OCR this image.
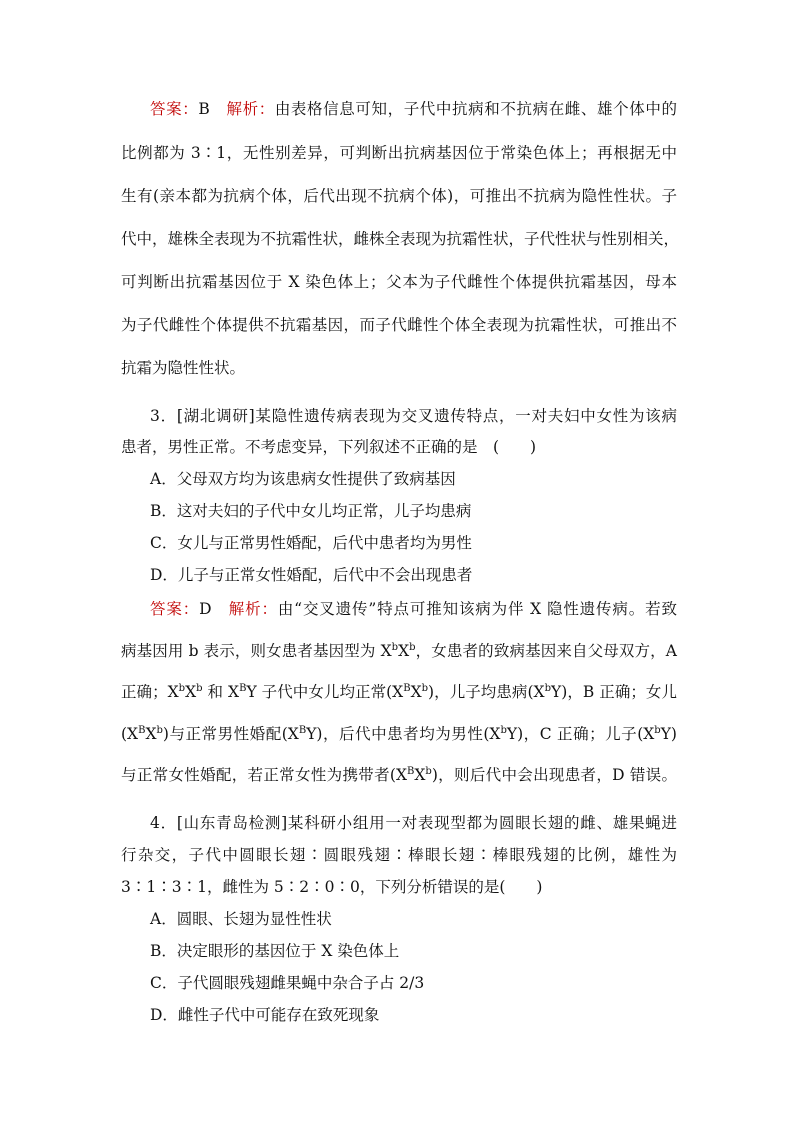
答案：B　 解析：由表格信息可知，子代中抗病和不抗病在雌、雄个体中的
比例都为 3∶1，无性别差异，可判断出抗病基因位于常染色体上；再根据无中
生有(亲本都为抗病个体，后代出现不抗病个体)，可推出不抗病为隐性性状。子
代中，雄株全表现为不抗霜性状，雌株全表现为抗霜性状，子代性状与性别相关，
可判断出抗霜基因位于 X 染色体上；父本为子代雌性个体提供抗霜基因，母本
为子代雌性个体提供不抗霜基因，而子代雌性个体全表现为抗霜性状，可推出不
抗霜为隐性性状。
3．[湖北调研]某隐性遗传病表现为交叉遗传特点，一对夫妇中女性为该病
患者，男性正常。不考虑变异，下列叙述不正确的是　(　　)
A．父母双方均为该患病女性提供了致病基因
B．这对夫妇的子代中女儿均正常，儿子均患病
C．女儿与正常男性婚配，后代中患者均为男性
D．儿子与正常女性婚配，后代中不会出现患者
答案：D　 解析：由“交叉遗传”特点可推知该病为伴 X 隐性遗传病。若致
病基因用 b 表示，则女患者基因型为 $X^bX^b$，女患者的致病基因来自父母双方，A
正确；$X^bX^b$ 和 $X^BY$ 子代中女儿均正常$(X^BX^b)$，儿子均患病$(X^bY)$，B 正确；女儿
$(X^BX^b)$与正常男性婚配$(X^BY)$，后代中患者均为男性$(X^bY)$，C 正确；儿子$(X^bY)$
与正常女性婚配，若正常女性为携带者$(X^BX^b)$，则后代中会出现患者，D 错误。
4．[山东青岛检测]某科研小组用一对表现型都为圆眼长翅的雌、雄果蝇进
行杂交，子代中圆眼长翅∶圆眼残翅∶棒眼长翅∶棒眼残翅的比例，雄性为
3∶1∶3∶1，雌性为 5∶2∶0∶0，下列分析错误的是(　　)
A．圆眼、长翅为显性性状
B．决定眼形的基因位于 X 染色体上
C．子代圆眼残翅雌果蝇中杂合子占 2/3
D．雌性子代中可能存在致死现象
